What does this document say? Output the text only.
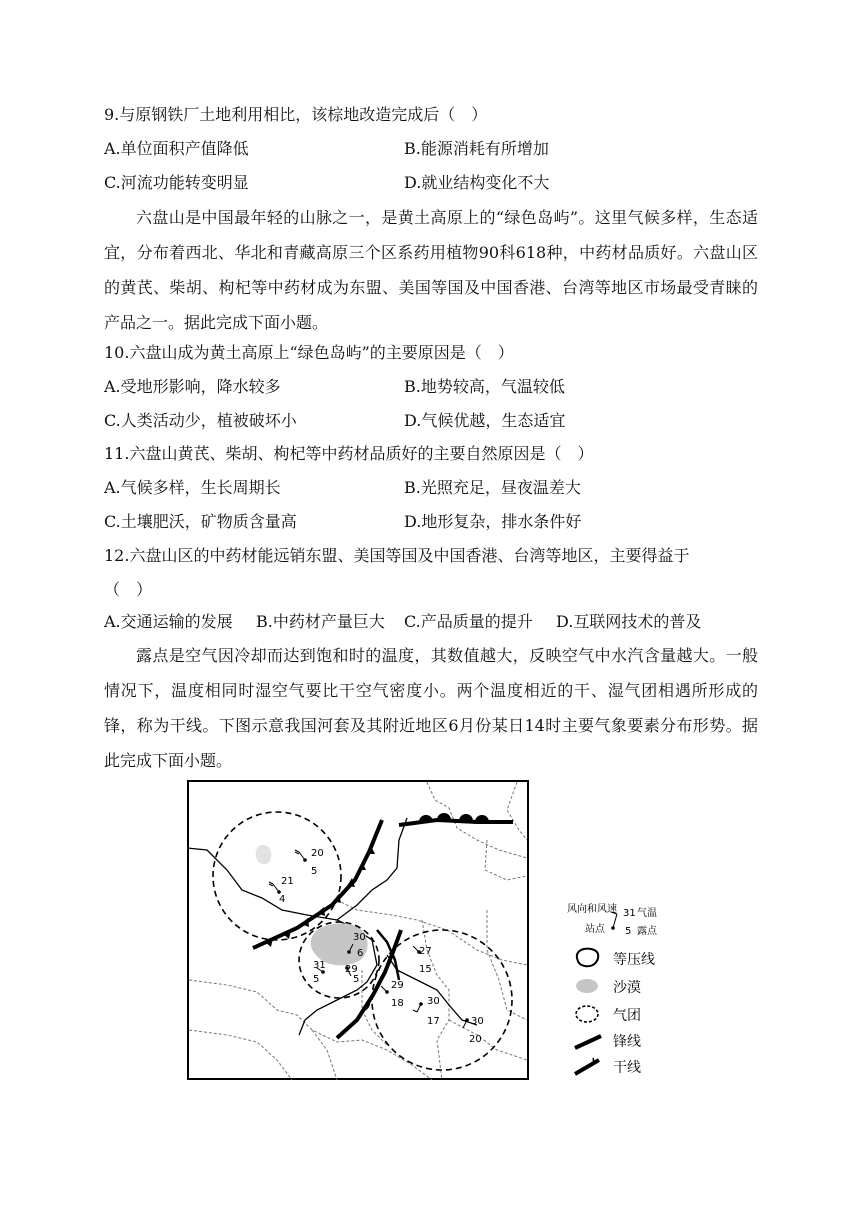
9.与原钢铁厂土地利用相比，该棕地改造完成后（　）
A.单位面积产值降低	B.能源消耗有所增加
C.河流功能转变明显	D.就业结构变化不大

六盘山是中国最年轻的山脉之一，是黄土高原上的“绿色岛屿”。这里气候多样，生态适宜，分布着西北、华北和青藏高原三个区系药用植物90科618种，中药材品质好。六盘山区的黄芪、柴胡、枸杞等中药材成为东盟、美国等国及中国香港、台湾等地区市场最受青睐的产品之一。据此完成下面小题。

10.六盘山成为黄土高原上“绿色岛屿”的主要原因是（　）
A.受地形影响，降水较多	B.地势较高，气温较低
C.人类活动少，植被破坏小	D.气候优越，生态适宜
11.六盘山黄芪、柴胡、枸杞等中药材品质好的主要自然原因是（　）
A.气候多样，生长周期长	B.光照充足，昼夜温差大
C.土壤肥沃，矿物质含量高	D.地形复杂，排水条件好
12.六盘山区的中药材能远销东盟、美国等国及中国香港、台湾等地区，主要得益于
（　）
A.交通运输的发展 B.中药材产量巨大 C.产品质量的提升 D.互联网技术的普及

露点是空气因冷却而达到饱和时的温度，其数值越大，反映空气中水汽含量越大。一般情况下，温度相同时湿空气要比干空气密度小。两个温度相近的干、湿气团相遇所形成的锋，称为干线。下图示意我国河套及其附近地区6月份某日14时主要气象要素分布形势。据此完成下面小题。

20
5
21
4
30
6
31
5
29
5
27
15
29
18 30
17	30
20
风向和风速
站点
31 气温
5 露点
等压线
沙漠
气团
锋线
干线
